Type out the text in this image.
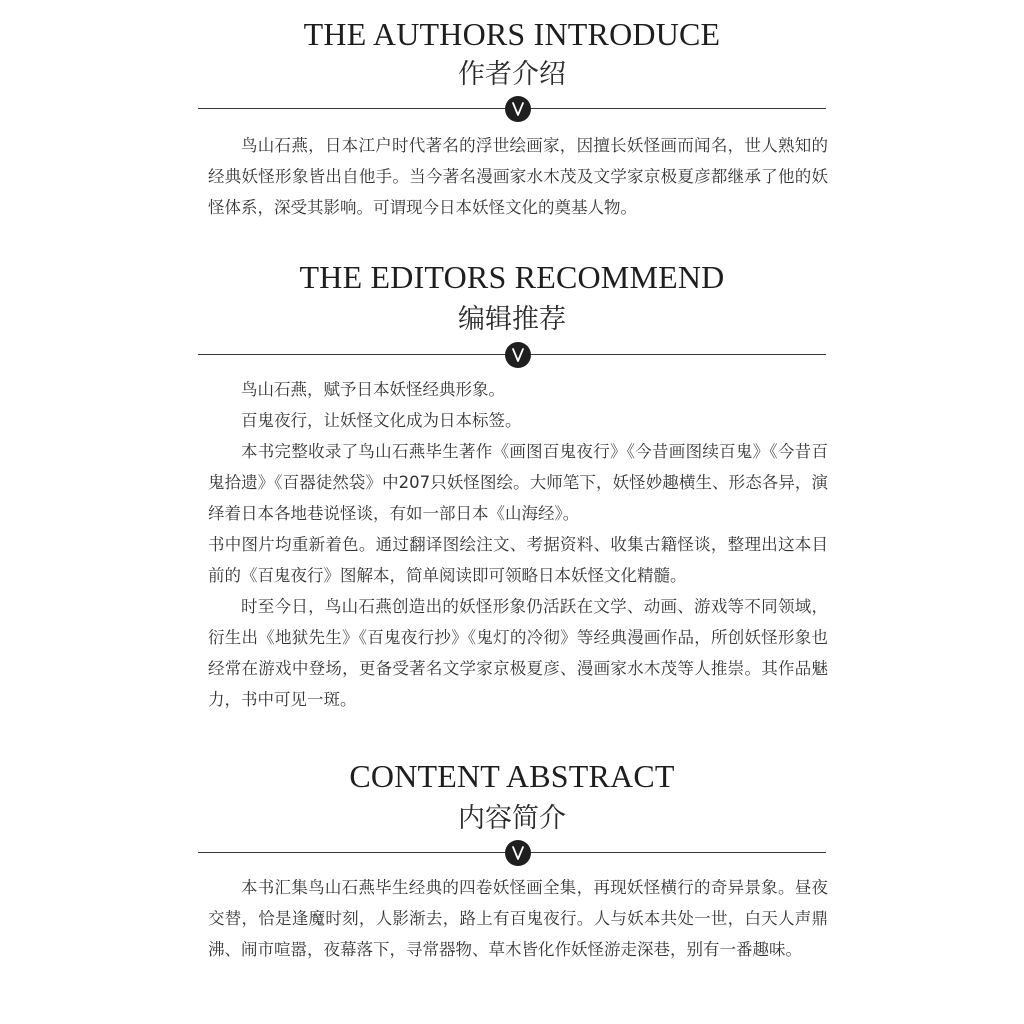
THE AUTHORS INTRODUCE
作者介绍

鸟山石燕，日本江户时代著名的浮世绘画家，因擅长妖怪画而闻名，世人熟知的经典妖怪形象皆出自他手。当今著名漫画家水木茂及文学家京极夏彦都继承了他的妖怪体系，深受其影响。可谓现今日本妖怪文化的奠基人物。

THE EDITORS RECOMMEND
编辑推荐

鸟山石燕，赋予日本妖怪经典形象。

百鬼夜行，让妖怪文化成为日本标签。

本书完整收录了鸟山石燕毕生著作《画图百鬼夜行》《今昔画图续百鬼》《今昔百鬼拾遗》《百器徒然袋》中207只妖怪图绘。大师笔下，妖怪妙趣横生、形态各异，演绎着日本各地巷说怪谈，有如一部日本《山海经》。

书中图片均重新着色。通过翻译图绘注文、考据资料、收集古籍怪谈，整理出这本目前的《百鬼夜行》图解本，简单阅读即可领略日本妖怪文化精髓。

时至今日，鸟山石燕创造出的妖怪形象仍活跃在文学、动画、游戏等不同领域，衍生出《地狱先生》《百鬼夜行抄》《鬼灯的冷彻》等经典漫画作品，所创妖怪形象也经常在游戏中登场，更备受著名文学家京极夏彦、漫画家水木茂等人推崇。其作品魅力，书中可见一斑。

CONTENT ABSTRACT
内容简介

本书汇集鸟山石燕毕生经典的四卷妖怪画全集，再现妖怪横行的奇异景象。昼夜交替，恰是逢魔时刻，人影渐去，路上有百鬼夜行。人与妖本共处一世，白天人声鼎沸、闹市喧嚣，夜幕落下，寻常器物、草木皆化作妖怪游走深巷，别有一番趣味。
